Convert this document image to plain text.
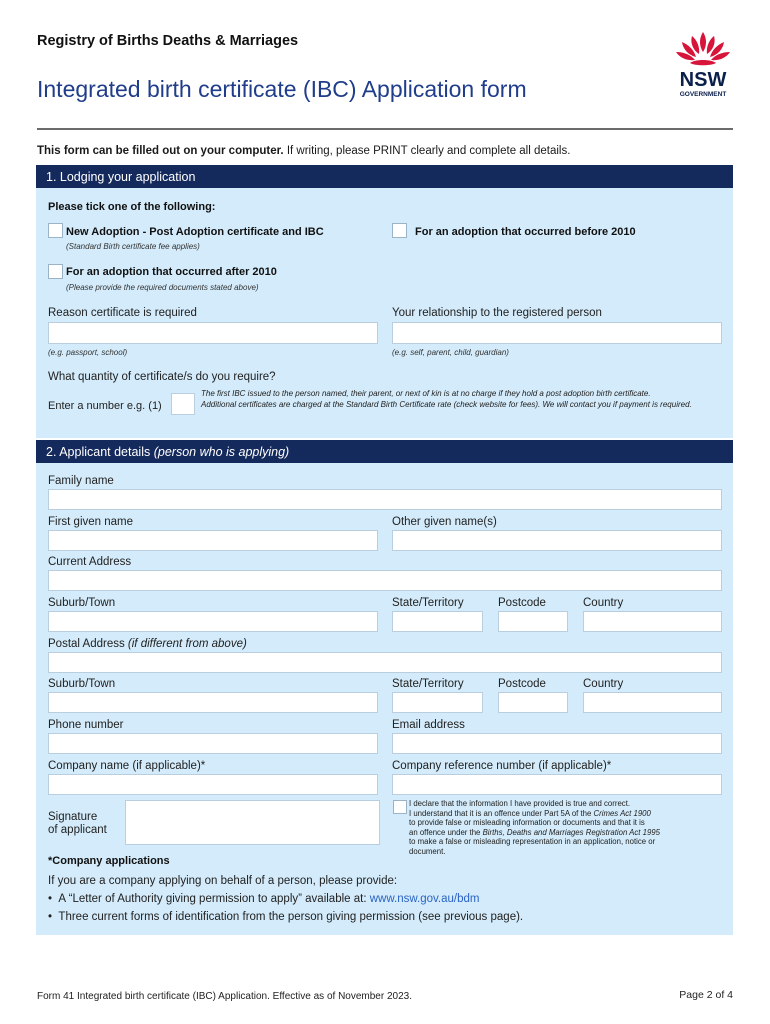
Registry of Births Deaths & Marriages
Integrated birth certificate (IBC) Application form	NSW
GOVERNMENT
This form can be filled out on your computer. If writing, please PRINT clearly and complete all details.
1. Lodging your application
Please tick one of the following:
New Adoption - Post Adoption certificate and IBC
(Standard Birth certificate fee applies)
For an adoption that occurred before 2010
For an adoption that occurred after 2010
(Please provide the required documents stated above)
Reason certificate is required
(e.g. passport, school)
Your relationship to the registered person
(e.g. self, parent, child, guardian)
What quantity of certificate/s do you require?
Enter a number e.g. (1)
The first IBC issued to the person named, their parent, or next of kin is at no charge if they hold a post adoption birth certificate.
Additional certificates are charged at the Standard Birth Certificate rate (check website for fees). We will contact you if payment is required.
2. Applicant details (person who is applying)
Family name
First given name	Other given name(s)
Current Address
Suburb/Town	State/Territory	Postcode	Country
Postal Address (if different from above)
Suburb/Town	State/Territory	Postcode	Country
Phone number	Email address
Company name (if applicable)*	Company reference number (if applicable)*
Signature
of applicant
I declare that the information I have provided is true and correct.
I understand that it is an offence under Part 5A of the Crimes Act 1900
to provide false or misleading information or documents and that it is
an offence under the Births, Deaths and Marriages Registration Act 1995
to make a false or misleading representation in an application, notice or
document.
*Company applications
If you are a company applying on behalf of a person, please provide:
•  A “Letter of Authority giving permission to apply” available at: www.nsw.gov.au/bdm
•  Three current forms of identification from the person giving permission (see previous page).
Form 41 Integrated birth certificate (IBC) Application. Effective as of November 2023.	Page 2 of 4
